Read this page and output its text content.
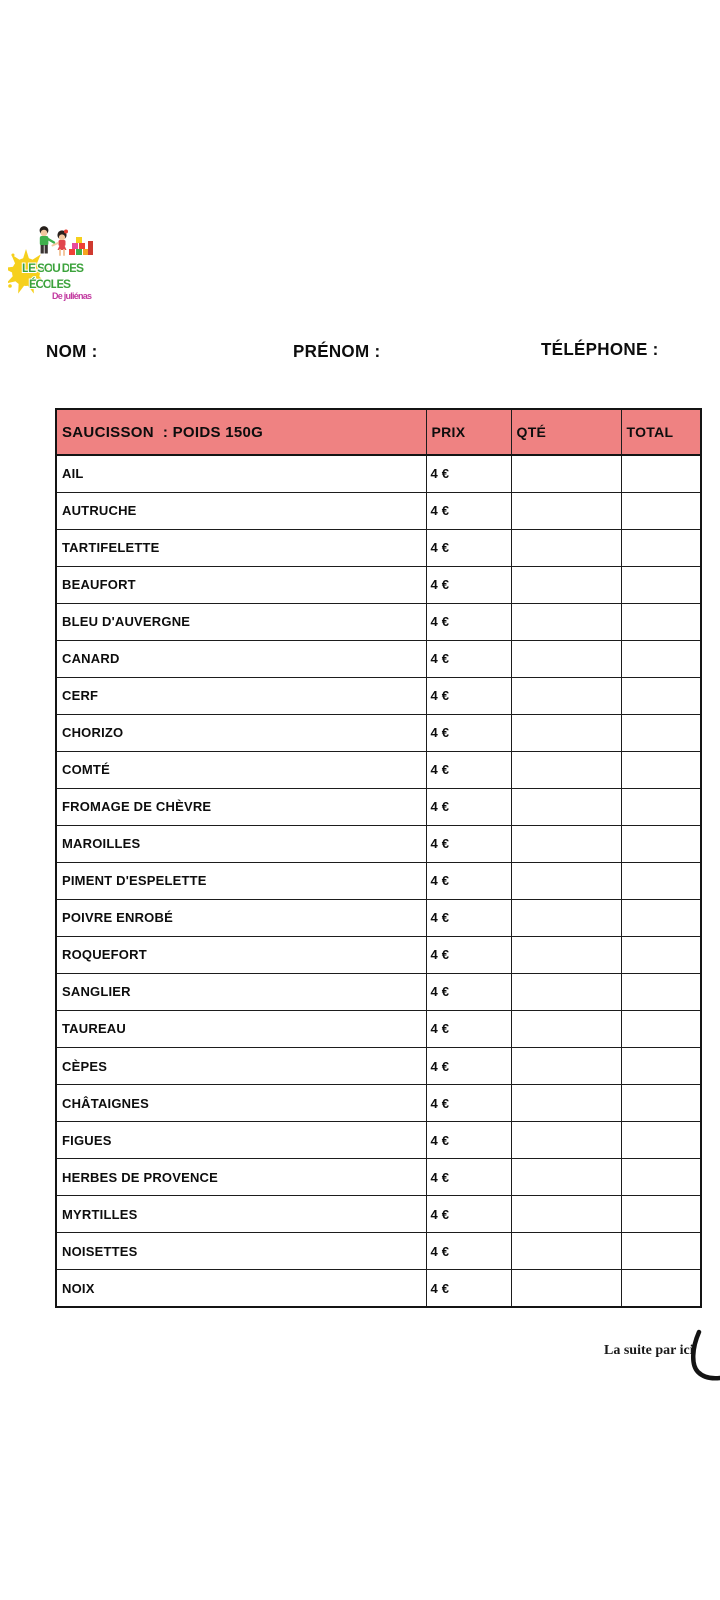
LE SOU DES
ÉCOLES
De juliénas
NOM :	PRÉNOM :	TÉLÉPHONE :
SAUCISSON  : POIDS 150G	PRIX	QTÉ	TOTAL
AIL	4 €		
AUTRUCHE	4 €		
TARTIFELETTE	4 €		
BEAUFORT	4 €		
BLEU D'AUVERGNE	4 €		
CANARD	4 €		
CERF	4 €		
CHORIZO	4 €		
COMTÉ	4 €		
FROMAGE DE CHÈVRE	4 €		
MAROILLES	4 €		
PIMENT D'ESPELETTE	4 €		
POIVRE ENROBÉ	4 €		
ROQUEFORT	4 €		
SANGLIER	4 €		
TAUREAU	4 €		
CÈPES	4 €		
CHÂTAIGNES	4 €		
FIGUES	4 €		
HERBES DE PROVENCE	4 €		
MYRTILLES	4 €		
NOISETTES	4 €		
NOIX	4 €		
La suite par ici
